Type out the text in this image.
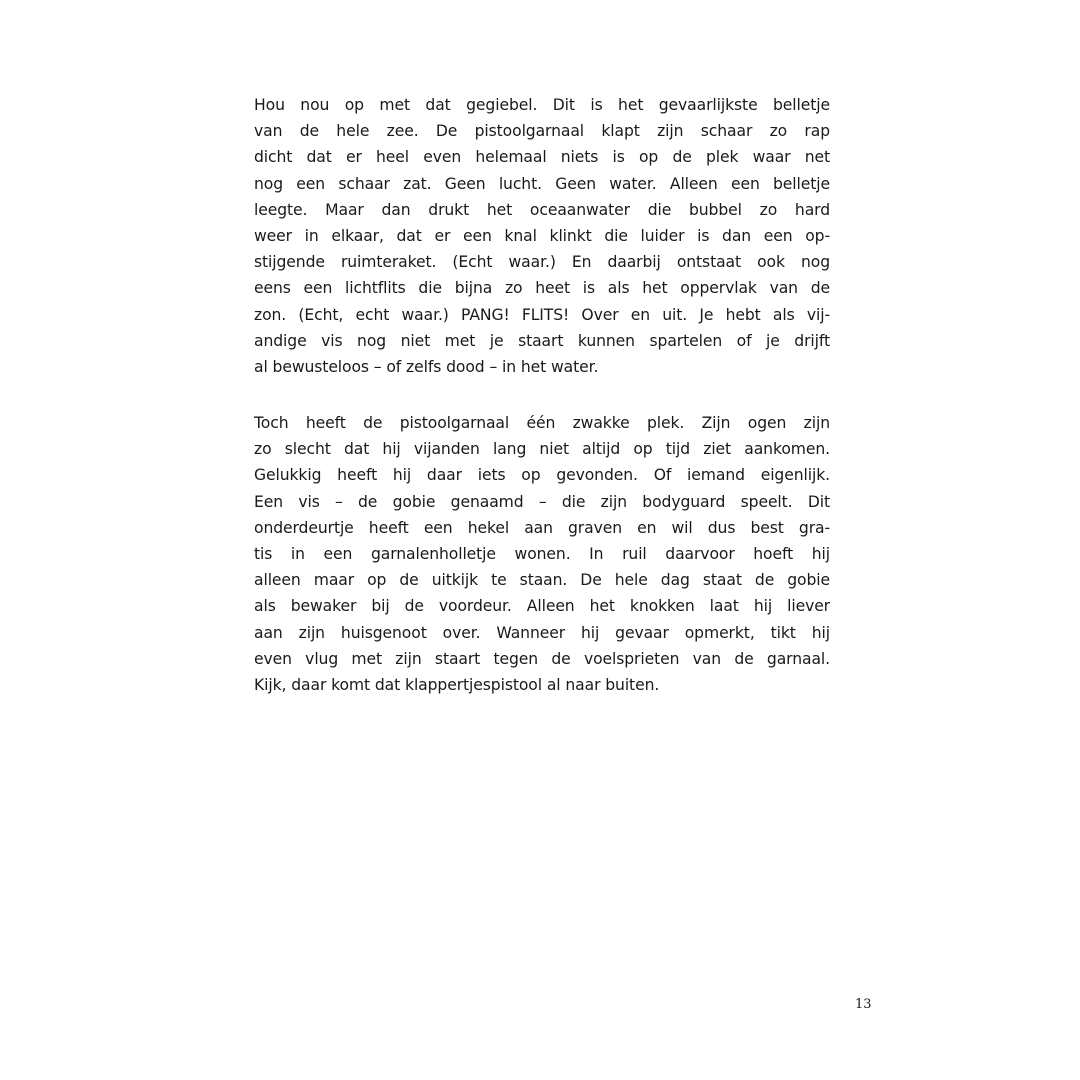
Hou nou op met dat gegiebel. Dit is het gevaarlijkste belletje
van de hele zee. De pistoolgarnaal klapt zijn schaar zo rap
dicht dat er heel even helemaal niets is op de plek waar net
nog een schaar zat. Geen lucht. Geen water. Alleen een belletje
leegte. Maar dan drukt het oceaanwater die bubbel zo hard
weer in elkaar, dat er een knal klinkt die luider is dan een op-
stijgende ruimteraket. (Echt waar.) En daarbij ontstaat ook nog
eens een lichtflits die bijna zo heet is als het oppervlak van de
zon. (Echt, echt waar.) PANG! FLITS! Over en uit. Je hebt als vij-
andige vis nog niet met je staart kunnen spartelen of je drijft
al bewusteloos – of zelfs dood – in het water.
Toch heeft de pistoolgarnaal één zwakke plek. Zijn ogen zijn
zo slecht dat hij vijanden lang niet altijd op tijd ziet aankomen.
Gelukkig heeft hij daar iets op gevonden. Of iemand eigenlijk.
Een vis – de gobie genaamd – die zijn bodyguard speelt. Dit
onderdeurtje heeft een hekel aan graven en wil dus best gra-
tis in een garnalenholletje wonen. In ruil daarvoor hoeft hij
alleen maar op de uitkijk te staan. De hele dag staat de gobie
als bewaker bij de voordeur. Alleen het knokken laat hij liever
aan zijn huisgenoot over. Wanneer hij gevaar opmerkt, tikt hij
even vlug met zijn staart tegen de voelsprieten van de garnaal.
Kijk, daar komt dat klappertjespistool al naar buiten.
13
